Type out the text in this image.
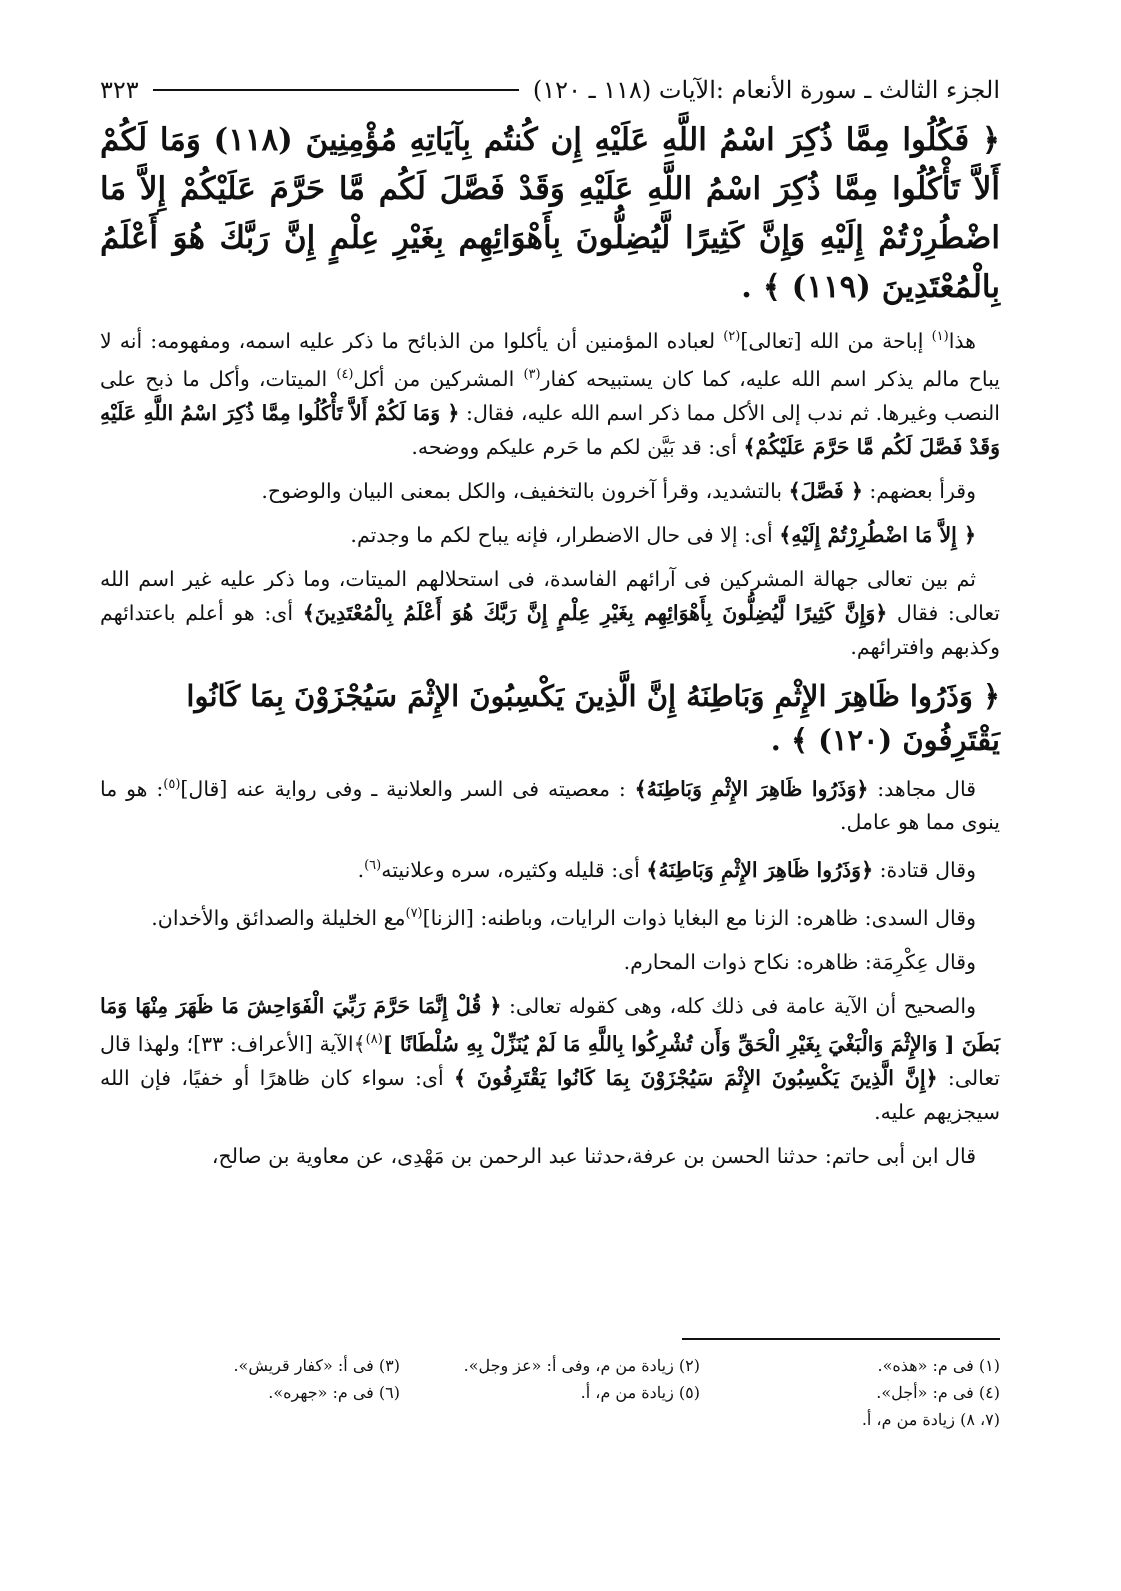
الجزء الثالث ـ سورة الأنعام :الآيات (١١٨ ـ ١٢٠)
٣٢٣
﴿ فَكُلُوا مِمَّا ذُكِرَ اسْمُ اللَّهِ عَلَيْهِ إِن كُنتُم بِآيَاتِهِ مُؤْمِنِينَ (١١٨) وَمَا لَكُمْ أَلاَّ تَأْكُلُوا مِمَّا ذُكِرَ اسْمُ اللَّهِ عَلَيْهِ وَقَدْ فَصَّلَ لَكُم مَّا حَرَّمَ عَلَيْكُمْ إِلاَّ مَا اضْطُرِرْتُمْ إِلَيْهِ وَإِنَّ كَثِيرًا لَّيُضِلُّونَ بِأَهْوَائِهِم بِغَيْرِ عِلْمٍ إِنَّ رَبَّكَ هُوَ أَعْلَمُ بِالْمُعْتَدِينَ (١١٩) ﴾ .

هذا$^{(١)}$ إباحة من الله [تعالى]$^{(٢)}$ لعباده المؤمنين أن يأكلوا من الذبائح ما ذكر عليه اسمه، ومفهومه: أنه لا يباح مالم يذكر اسم الله عليه، كما كان يستبيحه كفار$^{(٣)}$ المشركين من أكل$^{(٤)}$ الميتات، وأكل ما ذبح على النصب وغيرها. ثم ندب إلى الأكل مما ذكر اسم الله عليه، فقال: ﴿ وَمَا لَكُمْ أَلاَّ تَأْكُلُوا مِمَّا ذُكِرَ اسْمُ اللَّهِ عَلَيْهِ وَقَدْ فَصَّلَ لَكُم مَّا حَرَّمَ عَلَيْكُمْ﴾ أى: قد بَيَّن لكم ما حَرم عليكم ووضحه.

وقرأ بعضهم: ﴿ فَصَّلَ﴾ بالتشديد، وقرأ آخرون بالتخفيف، والكل بمعنى البيان والوضوح.

﴿ إِلاَّ مَا اضْطُرِرْتُمْ إِلَيْهِ﴾ أى: إلا فى حال الاضطرار، فإنه يباح لكم ما وجدتم.

ثم بين تعالى جهالة المشركين فى آرائهم الفاسدة، فى استحلالهم الميتات، وما ذكر عليه غير اسم الله تعالى: فقال ﴿وَإِنَّ كَثِيرًا لَّيُضِلُّونَ بِأَهْوَائِهِم بِغَيْرِ عِلْمٍ إِنَّ رَبَّكَ هُوَ أَعْلَمُ بِالْمُعْتَدِينَ﴾ أى: هو أعلم باعتدائهم وكذبهم وافترائهم.

﴿ وَذَرُوا ظَاهِرَ الإِثْمِ وَبَاطِنَهُ إِنَّ الَّذِينَ يَكْسِبُونَ الإِثْمَ سَيُجْزَوْنَ بِمَا كَانُوا يَقْتَرِفُونَ (١٢٠) ﴾ .

قال مجاهد: ﴿وَذَرُوا ظَاهِرَ الإِثْمِ وَبَاطِنَهُ﴾ : معصيته فى السر والعلانية ـ وفى رواية عنه [قال]$^{(٥)}$: هو ما ينوى مما هو عامل.

وقال قتادة: ﴿وَذَرُوا ظَاهِرَ الإِثْمِ وَبَاطِنَهُ﴾ أى: قليله وكثيره، سره وعلانيته$^{(٦)}$.

وقال السدى: ظاهره: الزنا مع البغايا ذوات الرايات، وباطنه: [الزنا]$^{(٧)}$مع الخليلة والصدائق والأخدان.

وقال عِكْرِمَة: ظاهره: نكاح ذوات المحارم.

والصحيح أن الآية عامة فى ذلك كله، وهى كقوله تعالى: ﴿ قُلْ إِنَّمَا حَرَّمَ رَبِّيَ الْفَوَاحِشَ مَا ظَهَرَ مِنْهَا وَمَا بَطَنَ [ وَالإِثْمَ وَالْبَغْيَ بِغَيْرِ الْحَقِّ وَأَن تُشْرِكُوا بِاللَّهِ مَا لَمْ يُنَزِّلْ بِهِ سُلْطَانًا ]$^{(٨)}$﴾الآية [الأعراف: ٣٣]؛ ولهذا قال تعالى: ﴿إِنَّ الَّذِينَ يَكْسِبُونَ الإِثْمَ سَيُجْزَوْنَ بِمَا كَانُوا يَقْتَرِفُونَ ﴾ أى: سواء كان ظاهرًا أو خفيًا، فإن الله سيجزيهم عليه.

قال ابن أبى حاتم: حدثنا الحسن بن عرفة،حدثنا عبد الرحمن بن مَهْدِى، عن معاوية بن صالح،

(١) فى م: «هذه».
(٢) زيادة من م، وفى أ: «عز وجل».
(٣) فى أ: «كفار قريش».
(٤) فى م: «أجل».
(٥) زيادة من م، أ.
(٦) فى م: «جهره».
(٧، ٨) زيادة من م، أ.
